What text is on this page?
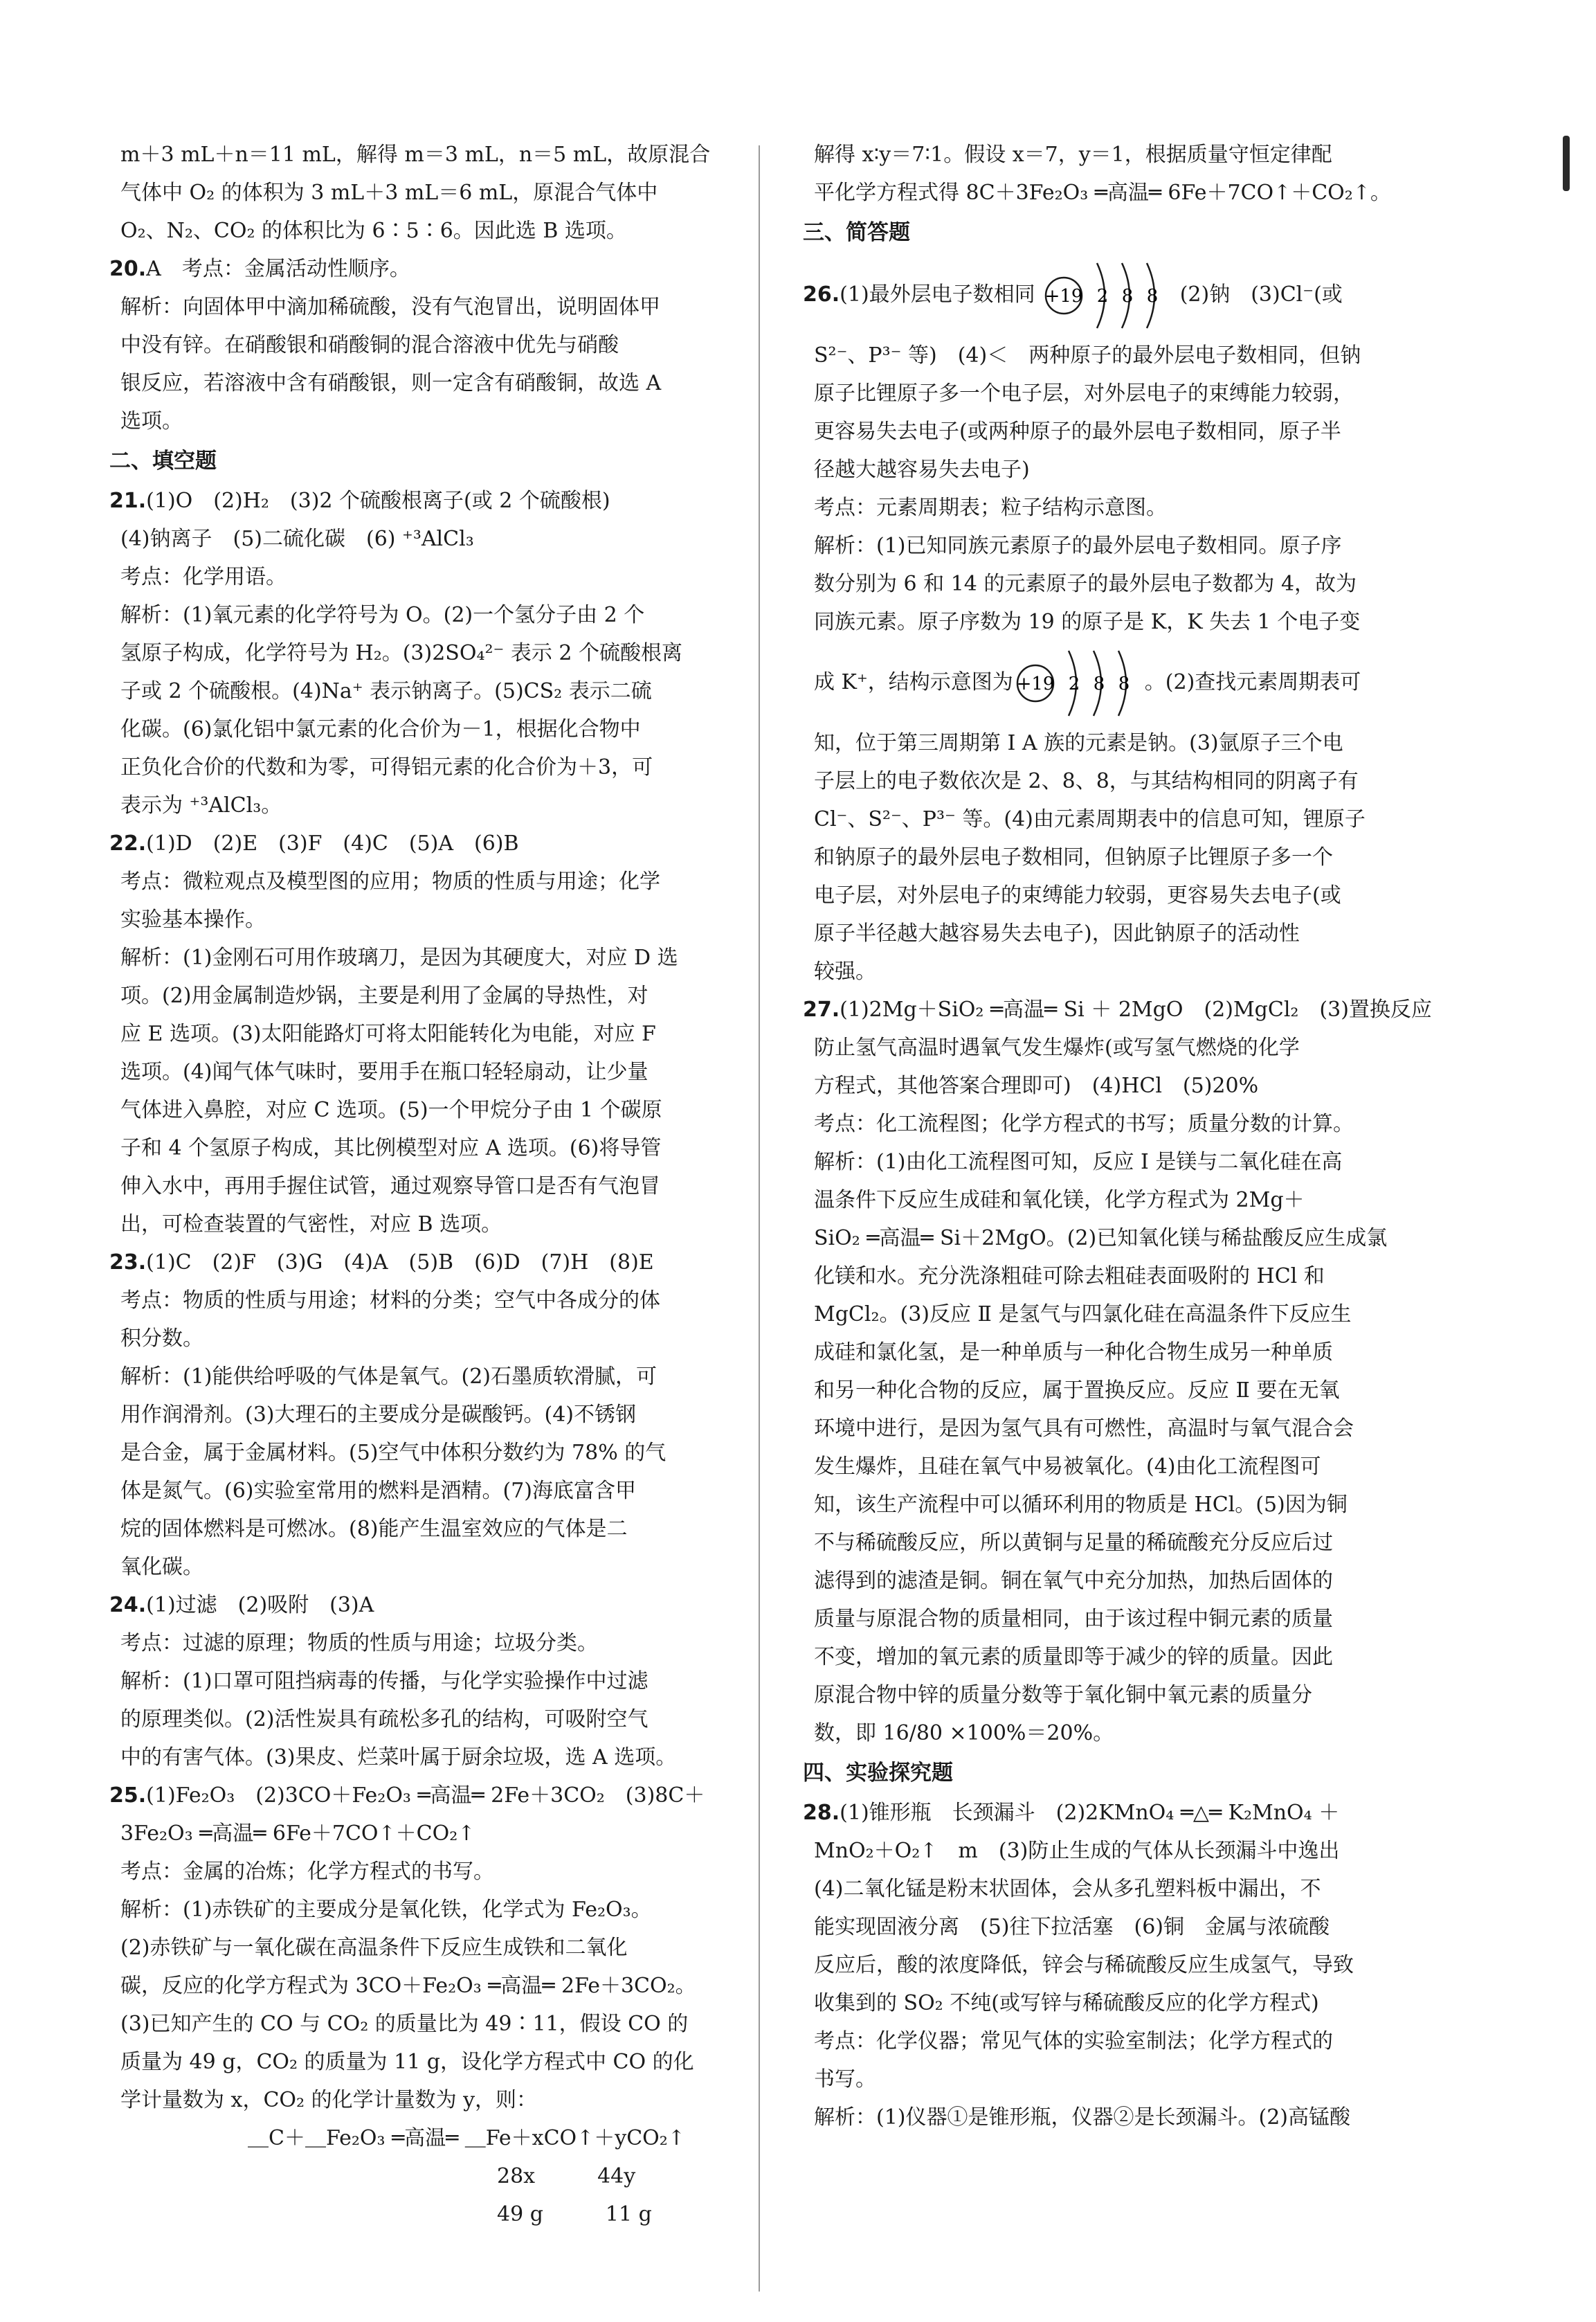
m＋3 mL＋n＝11 mL，解得 m＝3 mL，n＝5 mL，故原混合
气体中 O₂ 的体积为 3 mL＋3 mL＝6 mL，原混合气体中
O₂、N₂、CO₂ 的体积比为 6∶5∶6。因此选 B 选项。
20.A　考点：金属活动性顺序。
解析：向固体甲中滴加稀硫酸，没有气泡冒出，说明固体甲
中没有锌。在硝酸银和硝酸铜的混合溶液中优先与硝酸
银反应，若溶液中含有硝酸银，则一定含有硝酸铜，故选 A
选项。
二、填空题
21.(1)O　(2)H₂　(3)2 个硫酸根离子(或 2 个硫酸根)
(4)钠离子　(5)二硫化碳　(6) ⁺³AlCl₃
考点：化学用语。
解析：(1)氧元素的化学符号为 O。(2)一个氢分子由 2 个
氢原子构成，化学符号为 H₂。(3)2SO₄²⁻ 表示 2 个硫酸根离
子或 2 个硫酸根。(4)Na⁺ 表示钠离子。(5)CS₂ 表示二硫
化碳。(6)氯化铝中氯元素的化合价为－1，根据化合物中
正负化合价的代数和为零，可得铝元素的化合价为＋3，可
表示为 ⁺³AlCl₃。
22.(1)D　(2)E　(3)F　(4)C　(5)A　(6)B
考点：微粒观点及模型图的应用；物质的性质与用途；化学
实验基本操作。
解析：(1)金刚石可用作玻璃刀，是因为其硬度大，对应 D 选
项。(2)用金属制造炒锅，主要是利用了金属的导热性，对
应 E 选项。(3)太阳能路灯可将太阳能转化为电能，对应 F
选项。(4)闻气体气味时，要用手在瓶口轻轻扇动，让少量
气体进入鼻腔，对应 C 选项。(5)一个甲烷分子由 1 个碳原
子和 4 个氢原子构成，其比例模型对应 A 选项。(6)将导管
伸入水中，再用手握住试管，通过观察导管口是否有气泡冒
出，可检查装置的气密性，对应 B 选项。
23.(1)C　(2)F　(3)G　(4)A　(5)B　(6)D　(7)H　(8)E
考点：物质的性质与用途；材料的分类；空气中各成分的体
积分数。
解析：(1)能供给呼吸的气体是氧气。(2)石墨质软滑腻，可
用作润滑剂。(3)大理石的主要成分是碳酸钙。(4)不锈钢
是合金，属于金属材料。(5)空气中体积分数约为 78% 的气
体是氮气。(6)实验室常用的燃料是酒精。(7)海底富含甲
烷的固体燃料是可燃冰。(8)能产生温室效应的气体是二
氧化碳。
24.(1)过滤　(2)吸附　(3)A
考点：过滤的原理；物质的性质与用途；垃圾分类。
解析：(1)口罩可阻挡病毒的传播，与化学实验操作中过滤
的原理类似。(2)活性炭具有疏松多孔的结构，可吸附空气
中的有害气体。(3)果皮、烂菜叶属于厨余垃圾，选 A 选项。
25.(1)Fe₂O₃　(2)3CO＋Fe₂O₃ ═高温═ 2Fe＋3CO₂　(3)8C＋
3Fe₂O₃ ═高温═ 6Fe＋7CO↑＋CO₂↑
考点：金属的冶炼；化学方程式的书写。
解析：(1)赤铁矿的主要成分是氧化铁，化学式为 Fe₂O₃。
(2)赤铁矿与一氧化碳在高温条件下反应生成铁和二氧化
碳，反应的化学方程式为 3CO＋Fe₂O₃ ═高温═ 2Fe＋3CO₂。
(3)已知产生的 CO 与 CO₂ 的质量比为 49∶11，假设 CO 的
质量为 49 g，CO₂ 的质量为 11 g，设化学方程式中 CO 的化
学计量数为 x，CO₂ 的化学计量数为 y，则：
＿C＋＿Fe₂O₃ ═高温═ ＿Fe＋xCO↑＋yCO₂↑
28x　　　44y
49 g　　　11 g
解得 x∶y＝7∶1。假设 x＝7，y＝1，根据质量守恒定律配
平化学方程式得 8C＋3Fe₂O₃ ═高温═ 6Fe＋7CO↑＋CO₂↑。
三、简答题
26.(1)最外层电子数相同 +19 2 8 8 (2)钠　(3)Cl⁻(或
S²⁻、P³⁻ 等)　(4)＜　两种原子的最外层电子数相同，但钠
原子比锂原子多一个电子层，对外层电子的束缚能力较弱，
更容易失去电子(或两种原子的最外层电子数相同，原子半
径越大越容易失去电子)
考点：元素周期表；粒子结构示意图。
解析：(1)已知同族元素原子的最外层电子数相同。原子序
数分别为 6 和 14 的元素原子的最外层电子数都为 4，故为
同族元素。原子序数为 19 的原子是 K，K 失去 1 个电子变
成 K⁺，结构示意图为 +19 2 8 8 。(2)查找元素周期表可
知，位于第三周期第 Ⅰ A 族的元素是钠。(3)氩原子三个电
子层上的电子数依次是 2、8、8，与其结构相同的阴离子有
Cl⁻、S²⁻、P³⁻ 等。(4)由元素周期表中的信息可知，锂原子
和钠原子的最外层电子数相同，但钠原子比锂原子多一个
电子层，对外层电子的束缚能力较弱，更容易失去电子(或
原子半径越大越容易失去电子)，因此钠原子的活动性
较强。
27.(1)2Mg＋SiO₂ ═高温═ Si ＋ 2MgO　(2)MgCl₂　(3)置换反应
防止氢气高温时遇氧气发生爆炸(或写氢气燃烧的化学
方程式，其他答案合理即可)　(4)HCl　(5)20%
考点：化工流程图；化学方程式的书写；质量分数的计算。
解析：(1)由化工流程图可知，反应 Ⅰ 是镁与二氧化硅在高
温条件下反应生成硅和氧化镁，化学方程式为 2Mg＋
SiO₂ ═高温═ Si＋2MgO。(2)已知氧化镁与稀盐酸反应生成氯
化镁和水。充分洗涤粗硅可除去粗硅表面吸附的 HCl 和
MgCl₂。(3)反应 Ⅱ 是氢气与四氯化硅在高温条件下反应生
成硅和氯化氢，是一种单质与一种化合物生成另一种单质
和另一种化合物的反应，属于置换反应。反应 Ⅱ 要在无氧
环境中进行，是因为氢气具有可燃性，高温时与氧气混合会
发生爆炸，且硅在氧气中易被氧化。(4)由化工流程图可
知，该生产流程中可以循环利用的物质是 HCl。(5)因为铜
不与稀硫酸反应，所以黄铜与足量的稀硫酸充分反应后过
滤得到的滤渣是铜。铜在氧气中充分加热，加热后固体的
质量与原混合物的质量相同，由于该过程中铜元素的质量
不变，增加的氧元素的质量即等于减少的锌的质量。因此
原混合物中锌的质量分数等于氧化铜中氧元素的质量分
数，即 16/80 ×100%＝20%。
四、实验探究题
28.(1)锥形瓶　长颈漏斗　(2)2KMnO₄ ═△═ K₂MnO₄ ＋
MnO₂＋O₂↑　m　(3)防止生成的气体从长颈漏斗中逸出
(4)二氧化锰是粉末状固体，会从多孔塑料板中漏出，不
能实现固液分离　(5)往下拉活塞　(6)铜　金属与浓硫酸
反应后，酸的浓度降低，锌会与稀硫酸反应生成氢气，导致
收集到的 SO₂ 不纯(或写锌与稀硫酸反应的化学方程式)
考点：化学仪器；常见气体的实验室制法；化学方程式的
书写。
解析：(1)仪器①是锥形瓶，仪器②是长颈漏斗。(2)高锰酸
